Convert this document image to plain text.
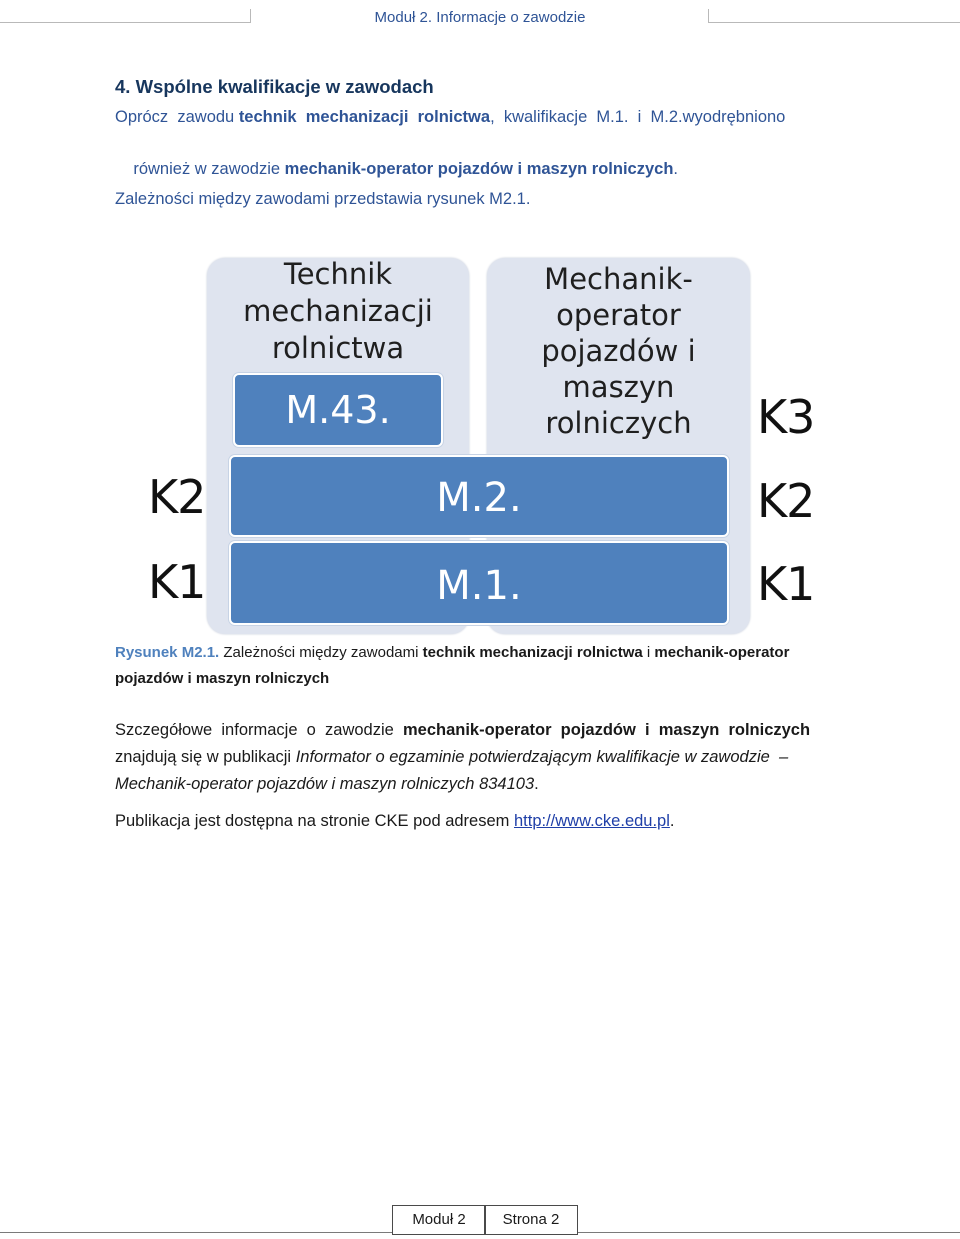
Moduł 2. Informacje o zawodzie
4. Wspólne kwalifikacje w zawodach
Oprócz  zawodu technik  mechanizacji  rolnictwa,  kwalifikacje  M.1.  i  M.2.wyodrębniono

również w zawodzie mechanik-operator pojazdów i maszyn rolniczych.

Zależności między zawodami przedstawia rysunek M2.1.
Technik
mechanizacji
rolnictwa
Mechanik-
operator
pojazdów i maszyn
rolniczych
M.43.
M.2.
M.1.
K2
K1
K3
K2
K1
Rysunek M2.1. Zależności między zawodami technik mechanizacji rolnictwa i mechanik-operator
pojazdów i maszyn rolniczych
Szczegółowe  informacje  o  zawodzie  mechanik-operator  pojazdów  i  maszyn  rolniczych
znajdują się w publikacji Informator o egzaminie potwierdzającym kwalifikacje w zawodzie  –
Mechanik-operator pojazdów i maszyn rolniczych 834103.
Publikacja jest dostępna na stronie CKE pod adresem http://www.cke.edu.pl.
Moduł 2	Strona 2
